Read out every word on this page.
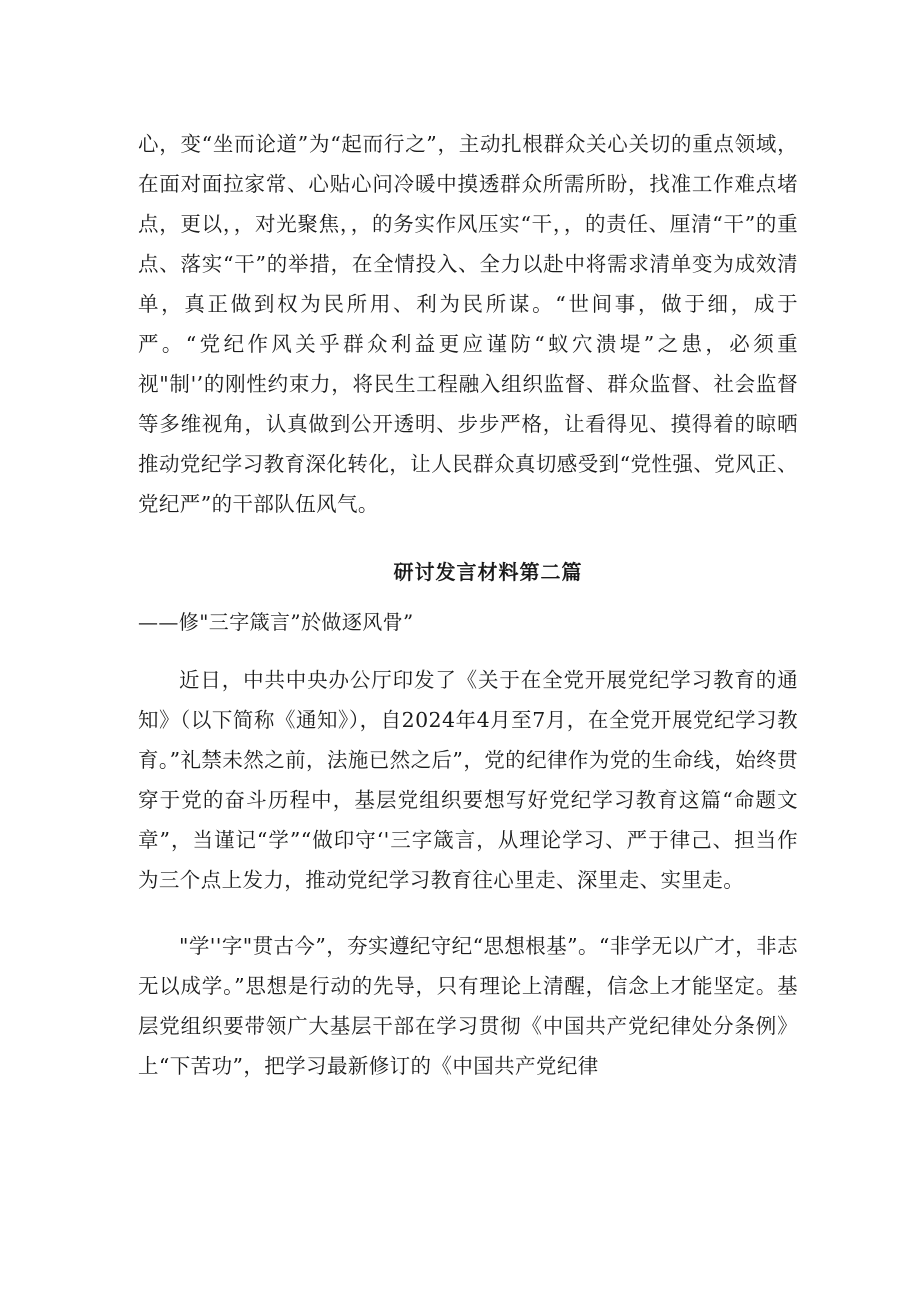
心，变“坐而论道”为“起而行之”，主动扎根群众关心关切的重点领域，在面对面拉家常、心贴心问冷暖中摸透群众所需所盼，找准工作难点堵点，更以，，对光聚焦，，的务实作风压实“干，，的责任、厘清“干”的重点、落实“干”的举措，在全情投入、全力以赴中将需求清单变为成效清单，真正做到权为民所用、利为民所谋。“世间事，做于细，成于严。“党纪作风关乎群众利益更应谨防“蚁穴溃堤”之患，必须重视"制'’的刚性约束力，将民生工程融入组织监督、群众监督、社会监督等多维视角，认真做到公开透明、步步严格，让看得见、摸得着的晾晒推动党纪学习教育深化转化，让人民群众真切感受到“党性强、党风正、党纪严”的干部队伍风气。

研讨发言材料第二篇

——修"三字箴言”於做逐风骨”

近日，中共中央办公厅印发了《关于在全党开展党纪学习教育的通知》（以下简称《通知》），自2024年4月至7月，在全党开展党纪学习教育。”礼禁未然之前，法施已然之后”，党的纪律作为党的生命线，始终贯穿于党的奋斗历程中，基层党组织要想写好党纪学习教育这篇“命题文章”，当谨记“学”“做印守‘'三字箴言，从理论学习、严于律己、担当作为三个点上发力，推动党纪学习教育往心里走、深里走、实里走。

"学''字"贯古今”，夯实遵纪守纪“思想根基”。“非学无以广才，非志无以成学。”思想是行动的先导，只有理论上清醒，信念上才能坚定。基层党组织要带领广大基层干部在学习贯彻《中国共产党纪律处分条例》上“下苦功”，把学习最新修订的《中国共产党纪律
